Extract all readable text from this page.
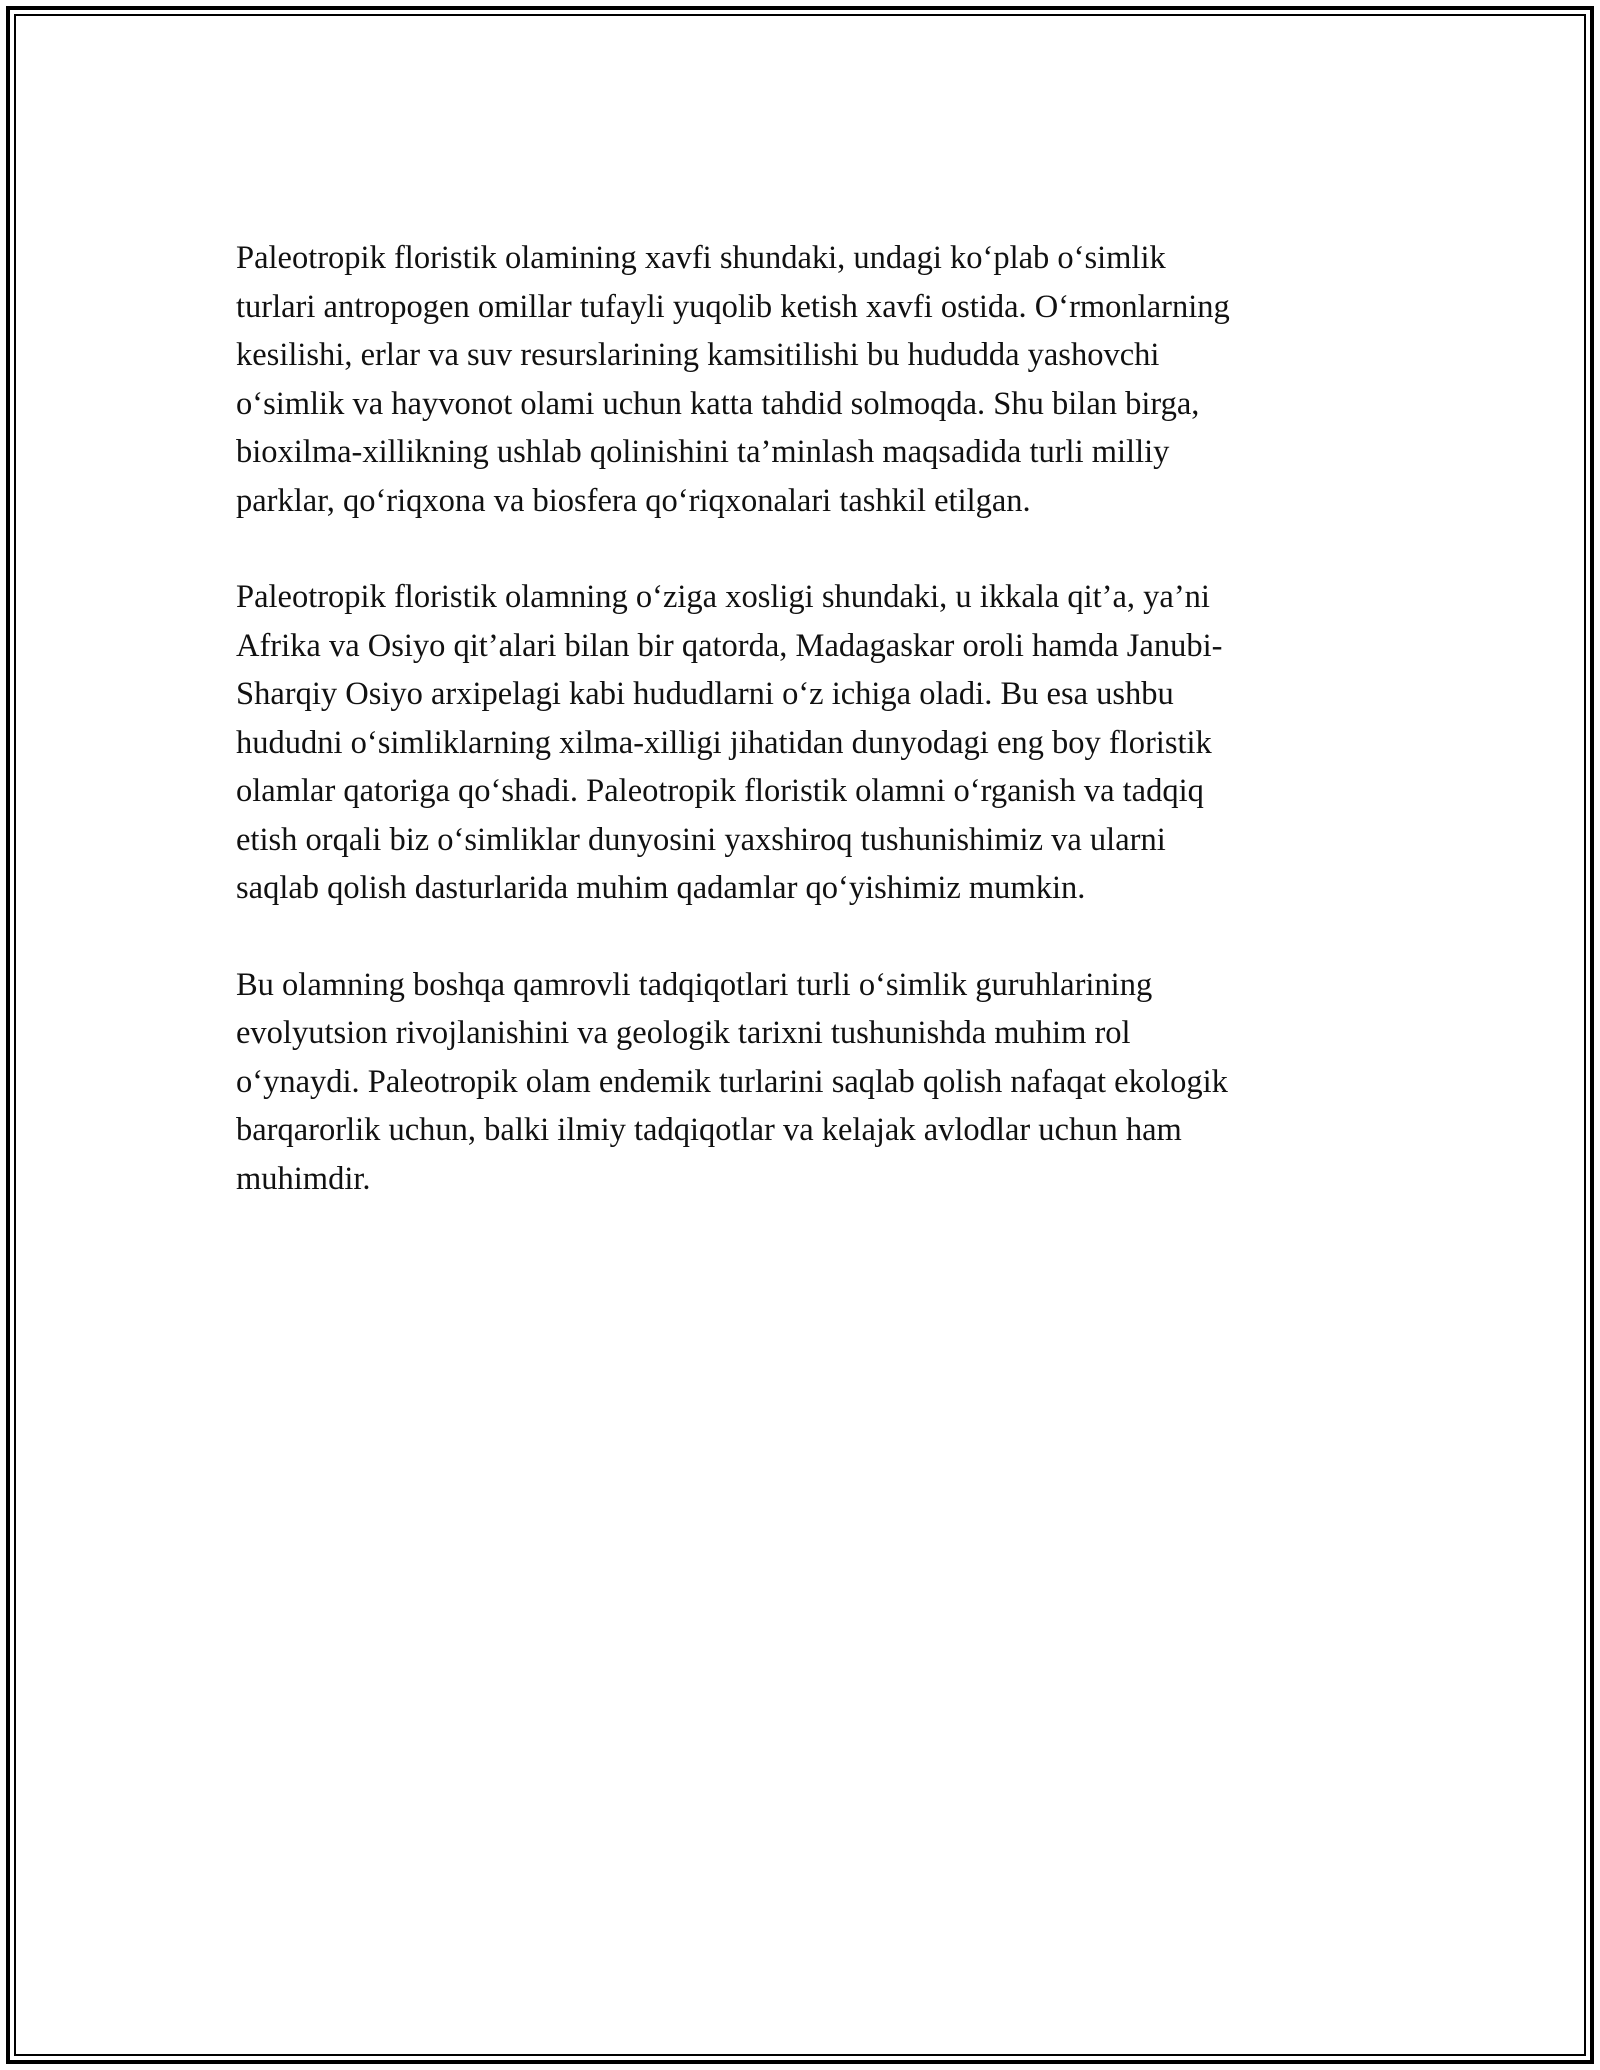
Paleotropik floristik olamining xavfi shundaki, undagi ko‘plab o‘simlik
turlari antropogen omillar tufayli yuqolib ketish xavfi ostida. O‘rmonlarning
kesilishi, erlar va suv resurslarining kamsitilishi bu hududda yashovchi
o‘simlik va hayvonot olami uchun katta tahdid solmoqda. Shu bilan birga,
bioxilma-xillikning ushlab qolinishini ta’minlash maqsadida turli milliy
parklar, qo‘riqxona va biosfera qo‘riqxonalari tashkil etilgan.

Paleotropik floristik olamning o‘ziga xosligi shundaki, u ikkala qit’a, ya’ni
Afrika va Osiyo qit’alari bilan bir qatorda, Madagaskar oroli hamda Janubi-
Sharqiy Osiyo arxipelagi kabi hududlarni o‘z ichiga oladi. Bu esa ushbu
hududni o‘simliklarning xilma-xilligi jihatidan dunyodagi eng boy floristik
olamlar qatoriga qo‘shadi. Paleotropik floristik olamni o‘rganish va tadqiq
etish orqali biz o‘simliklar dunyosini yaxshiroq tushunishimiz va ularni
saqlab qolish dasturlarida muhim qadamlar qo‘yishimiz mumkin.

Bu olamning boshqa qamrovli tadqiqotlari turli o‘simlik guruhlarining
evolyutsion rivojlanishini va geologik tarixni tushunishda muhim rol
o‘ynaydi. Paleotropik olam endemik turlarini saqlab qolish nafaqat ekologik
barqarorlik uchun, balki ilmiy tadqiqotlar va kelajak avlodlar uchun ham
muhimdir.
